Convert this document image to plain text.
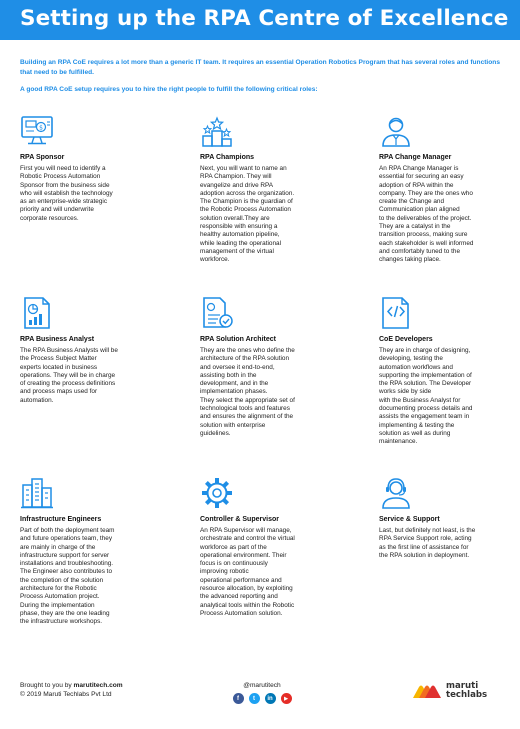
Setting up the RPA Centre of Excellence
Building an RPA CoE requires a lot more than a generic IT team. It requires an essential Operation Robotics Program that has several roles and functions that need to be fulfilled.
A good RPA CoE setup requires you to hire the right people to fulfill the following critical roles:
$
RPA Sponsor

First you will need to identify a
Robotic Process Automation
Sponsor from the business side
who will establish the technology
as an enterprise-wide strategic
priority and will underwrite
corporate resources.

RPA Champions

Next, you will want to name an
RPA Champion. They will
evangelize and drive RPA
adoption across the organization.
The Champion is the guardian of
the Robotic Process Automation
solution overall.They are
responsible with ensuring a
healthy automation pipeline,
while leading the operational
management of the virtual
workforce.

RPA Change Manager

An RPA Change Manager is
essential for securing an easy
adoption of RPA within the
company. They are the ones who
create the Change and
Communication plan aligned
to the deliverables of the project.
They are a catalyst in the
transition process, making sure
each stakeholder is well informed
and comfortably tuned to the
changes taking place.

RPA Business Analyst

The RPA Business Analysts will be
the Process Subject Matter
experts located in business
operations. They will be in charge
of creating the process definitions
and process maps used for
automation.

RPA Solution Architect

They are the ones who define the
architecture of the RPA solution
and oversee it end-to-end,
assisting both in the
development, and in the
implementation phases.
They select the appropriate set of
technological tools and features
and ensures the alignment of the
solution with enterprise
guidelines.

CoE Developers

They are in charge of designing,
developing, testing the
automation workflows and
supporting the implementation of
the RPA solution. The Developer
works side by side
with the Business Analyst for
documenting process details and
assists the engagement team in
implementing & testing the
solution as well as during
maintenance.

Infrastructure Engineers

Part of both the deployment team
and future operations team, they
are mainly in charge of the
infrastructure support for server
installations and troubleshooting.
The Engineer also contributes to
the completion of the solution
architecture for the Robotic
Process Automation project.
During the implementation
phase, they are the one leading
the infrastructure workshops.

Controller & Supervisor

An RPA Supervisor will manage,
orchestrate and control the virtual
workforce as part of the
operational environment. Their
focus is on continuously
improving robotic
operational performance and
resource allocation, by exploiting
the advanced reporting and
analytical tools within the Robotic
Process Automation solution.

Service & Support

Last, but definitely not least, is the
RPA Service Support role, acting
as the first line of assistance for
the RPA solution in deployment.

Brought to you by marutitech.com
© 2019 Maruti Techlabs Pvt Ltd
@marutitech
f	t	in	▶
maruti
techlabs
